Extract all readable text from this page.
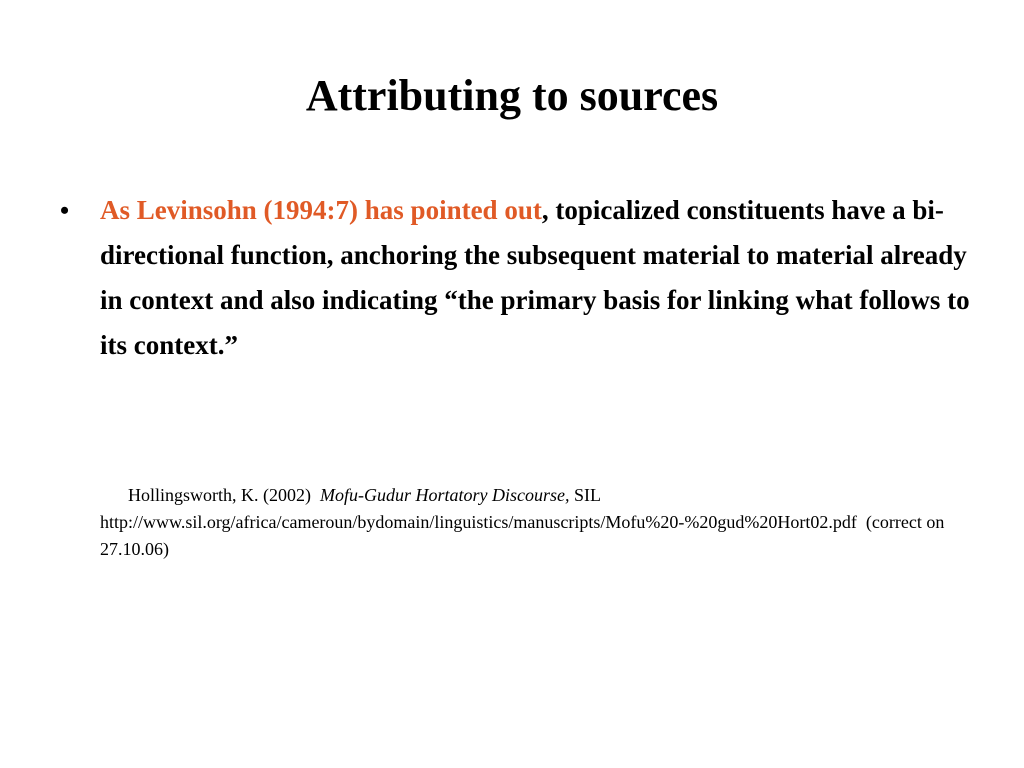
Attributing to sources
•	As Levinsohn (1994:7) has pointed out, topicalized constituents have a bi-directional function, anchoring the subsequent material to material already in context and also indicating “the primary basis for linking what follows to its context.”
Hollingsworth, K. (2002) Mofu-Gudur Hortatory Discourse, SIL
http://www.sil.org/africa/cameroun/bydomain/linguistics/manuscripts/Mofu%20-%20gud%20Hort02.pdf (correct on 27.10.06)
